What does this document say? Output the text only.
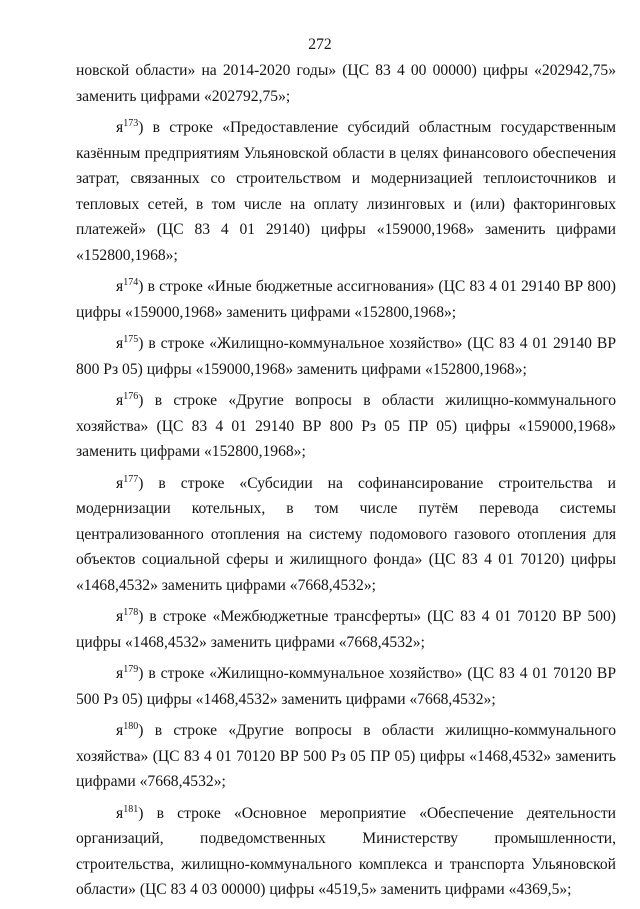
272

новской области» на 2014-2020 годы» (ЦС 83 4 00 00000) цифры «202942,75» заменить цифрами «202792,75»;

$я^{173}$) в строке «Предоставление субсидий областным государственным казённым предприятиям Ульяновской области в целях финансового обеспечения затрат, связанных со строительством и модернизацией теплоисточников и тепловых сетей, в том числе на оплату лизинговых и (или) факторинговых платежей» (ЦС 83 4 01 29140) цифры «159000,1968» заменить цифрами «152800,1968»;

$я^{174}$) в строке «Иные бюджетные ассигнования» (ЦС 83 4 01 29140 ВР 800) цифры «159000,1968» заменить цифрами «152800,1968»;

$я^{175}$) в строке «Жилищно-коммунальное хозяйство» (ЦС 83 4 01 29140 ВР 800 Рз 05) цифры «159000,1968» заменить цифрами «152800,1968»;

$я^{176}$) в строке «Другие вопросы в области жилищно-коммунального хозяйства» (ЦС 83 4 01 29140 ВР 800 Рз 05 ПР 05) цифры «159000,1968» заменить цифрами «152800,1968»;

$я^{177}$) в строке «Субсидии на софинансирование строительства и модернизации котельных, в том числе путём перевода системы централизованного отопления на систему подомового газового отопления для объектов социальной сферы и жилищного фонда» (ЦС 83 4 01 70120) цифры «1468,4532» заменить цифрами «7668,4532»;

$я^{178}$) в строке «Межбюджетные трансферты» (ЦС 83 4 01 70120 ВР 500) цифры «1468,4532» заменить цифрами «7668,4532»;

$я^{179}$) в строке «Жилищно-коммунальное хозяйство» (ЦС 83 4 01 70120 ВР 500 Рз 05) цифры «1468,4532» заменить цифрами «7668,4532»;

$я^{180}$) в строке «Другие вопросы в области жилищно-коммунального хозяйства» (ЦС 83 4 01 70120 ВР 500 Рз 05 ПР 05) цифры «1468,4532» заменить цифрами «7668,4532»;

$я^{181}$) в строке «Основное мероприятие «Обеспечение деятельности организаций, подведомственных Министерству промышленности, строительства, жилищно-коммунального комплекса и транспорта Ульяновской области» (ЦС 83 4 03 00000) цифры «4519,5» заменить цифрами «4369,5»;
